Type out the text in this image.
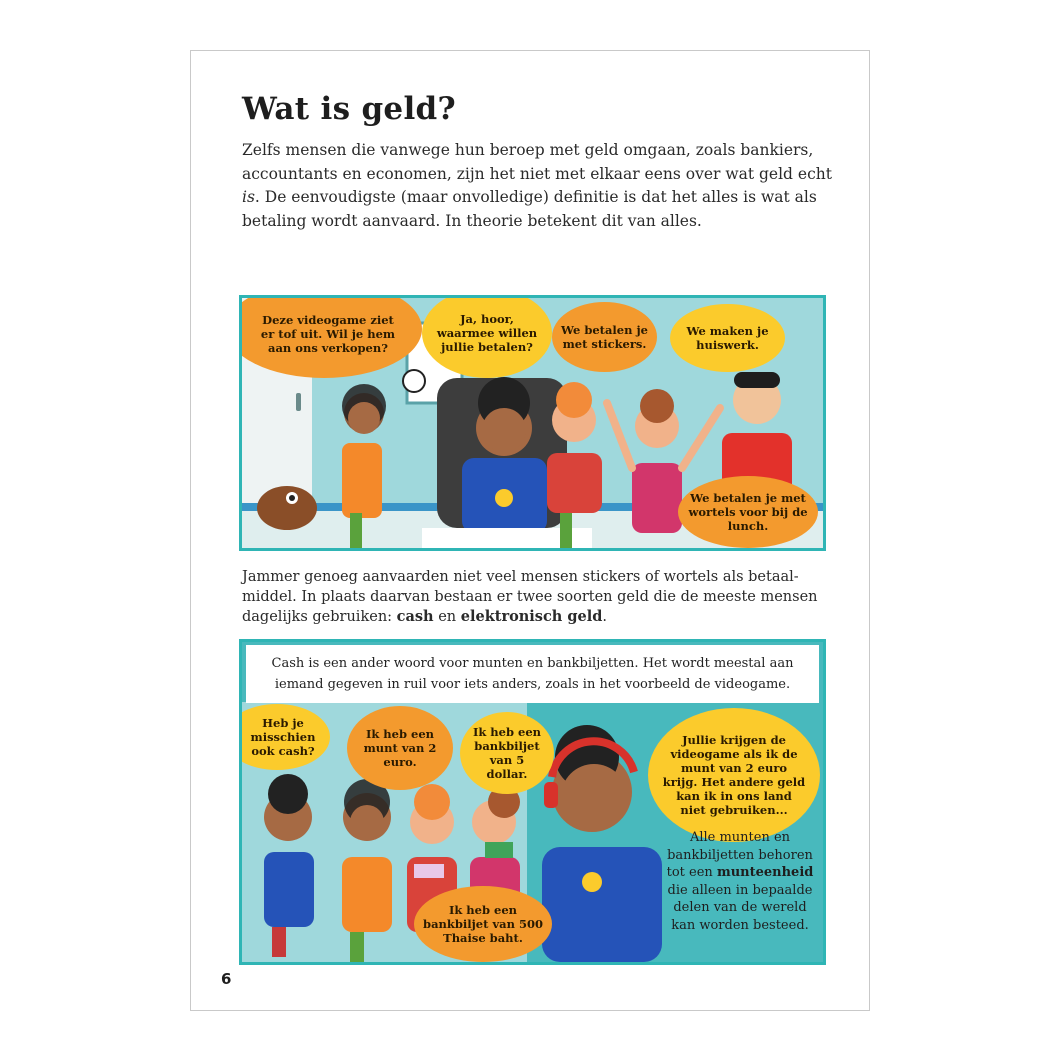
Wat is geld?

Zelfs mensen die vanwege hun beroep met geld omgaan, zoals bankiers, accountants en economen, zijn het niet met elkaar eens over wat geld echt is. De eenvoudigste (maar onvolledige) definitie is dat het alles is wat als betaling wordt aanvaard. In theorie betekent dit van alles.

Deze videogame ziet er tof uit. Wil je hem aan ons verkopen?
Ja, hoor, waarmee willen jullie betalen?
We betalen je met stickers.
We maken je huiswerk.
We betalen je met wortels voor bij de lunch.

Jammer genoeg aanvaarden niet veel mensen stickers of wortels als betaal-middel. In plaats daarvan bestaan er twee soorten geld die de meeste mensen dagelijks gebruiken: cash en elektronisch geld.

Cash is een ander woord voor munten en bankbiljetten. Het wordt meestal aan iemand gegeven in ruil voor iets anders, zoals in het voorbeeld de videogame.
Heb je misschien ook cash?
Ik heb een munt van 2 euro.
Ik heb een bankbiljet van 5 dollar.
Jullie krijgen de videogame als ik de munt van 2 euro krijg. Het andere geld kan ik in ons land niet gebruiken...
Ik heb een bankbiljet van 500 Thaise baht.
Alle munten en bankbiljetten behoren tot een munteenheid die alleen in bepaalde delen van de wereld kan worden besteed.
6
